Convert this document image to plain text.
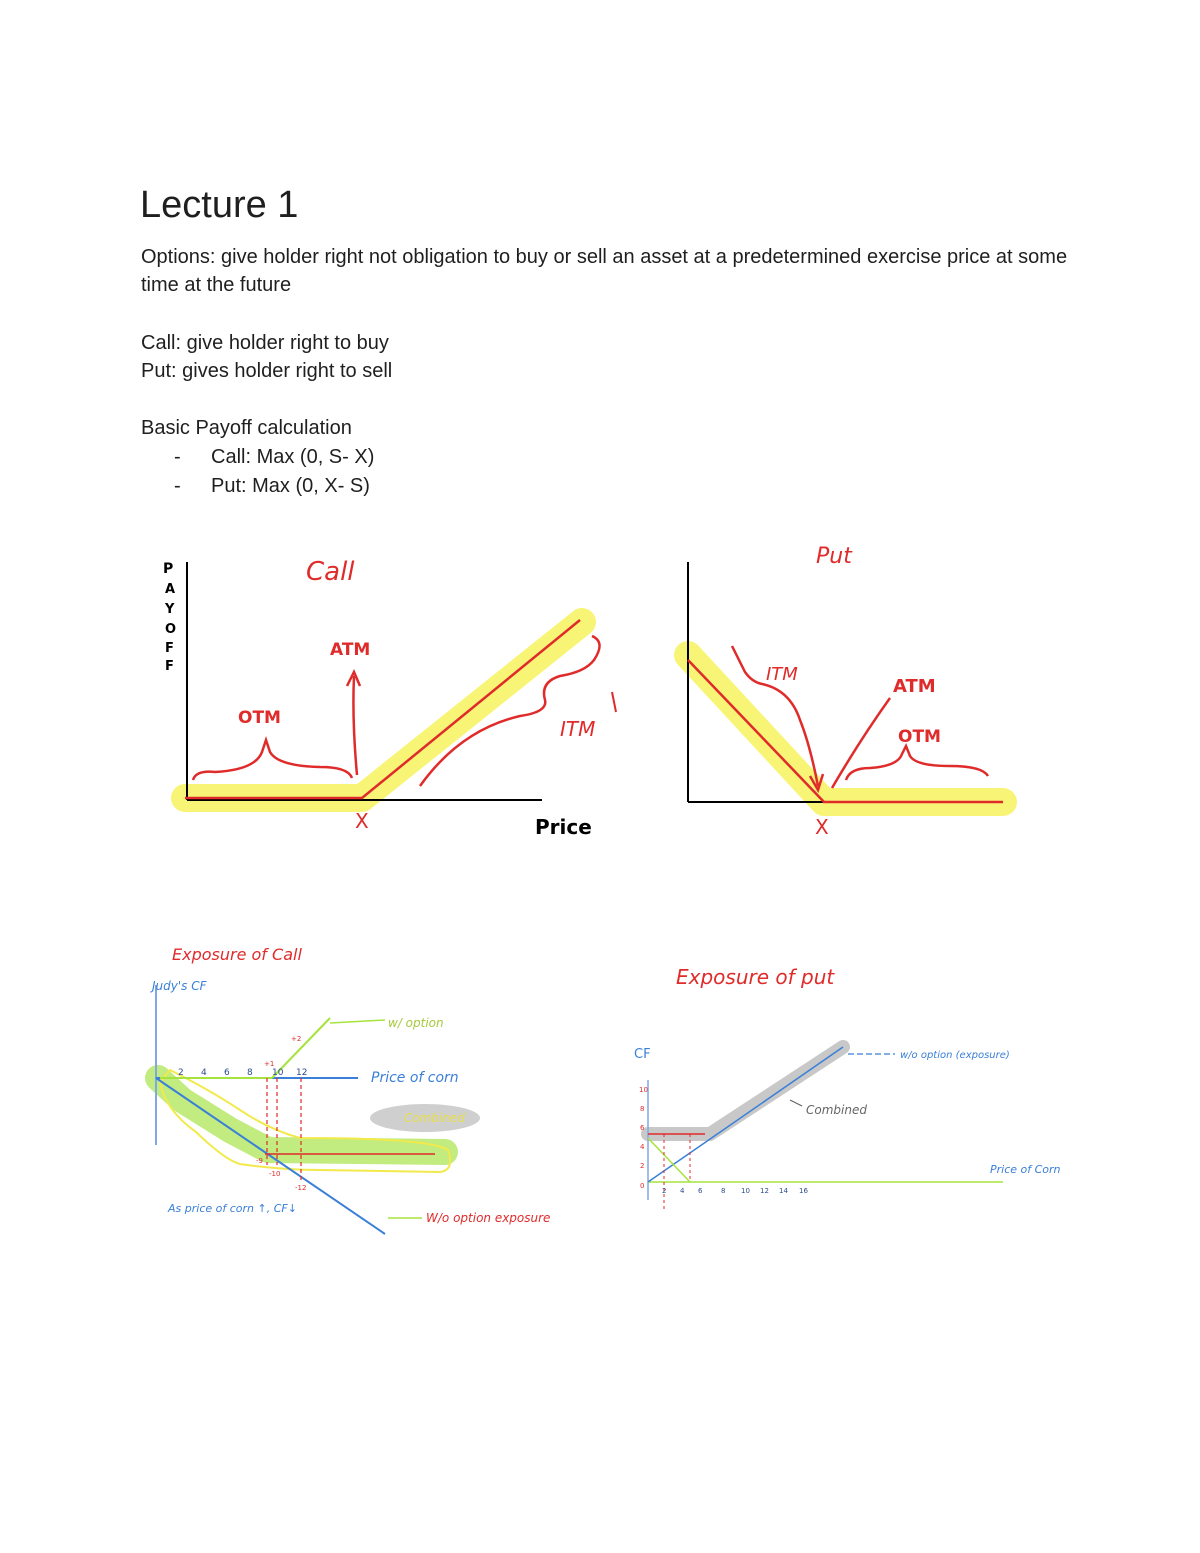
Lecture 1

Options: give holder right not obligation to buy or sell an asset at a predetermined exercise price at some time at the future

Call: give holder right to buy

Put: gives holder right to sell

Basic Payoff calculation

- Call: Max (0, S- X)
- Put: Max (0, X- S)
Call
ATM
OTM	ITM
X	Price
P
A
Y
O
F
F
Put
ITM
ATM
OTM
X
2 4 6 8 10 12
+2
+1
-9
-10
-12
Exposure of Call
Judy's CF
w/ option
Price of corn
Combined
W/o option exposure
As price of corn ↑, CF↓
10
8
6
4
2
0
2 4 6	8 10 12 14 16
Exposure of put
CF	w/o option (exposure)
Combined
Price of Corn
